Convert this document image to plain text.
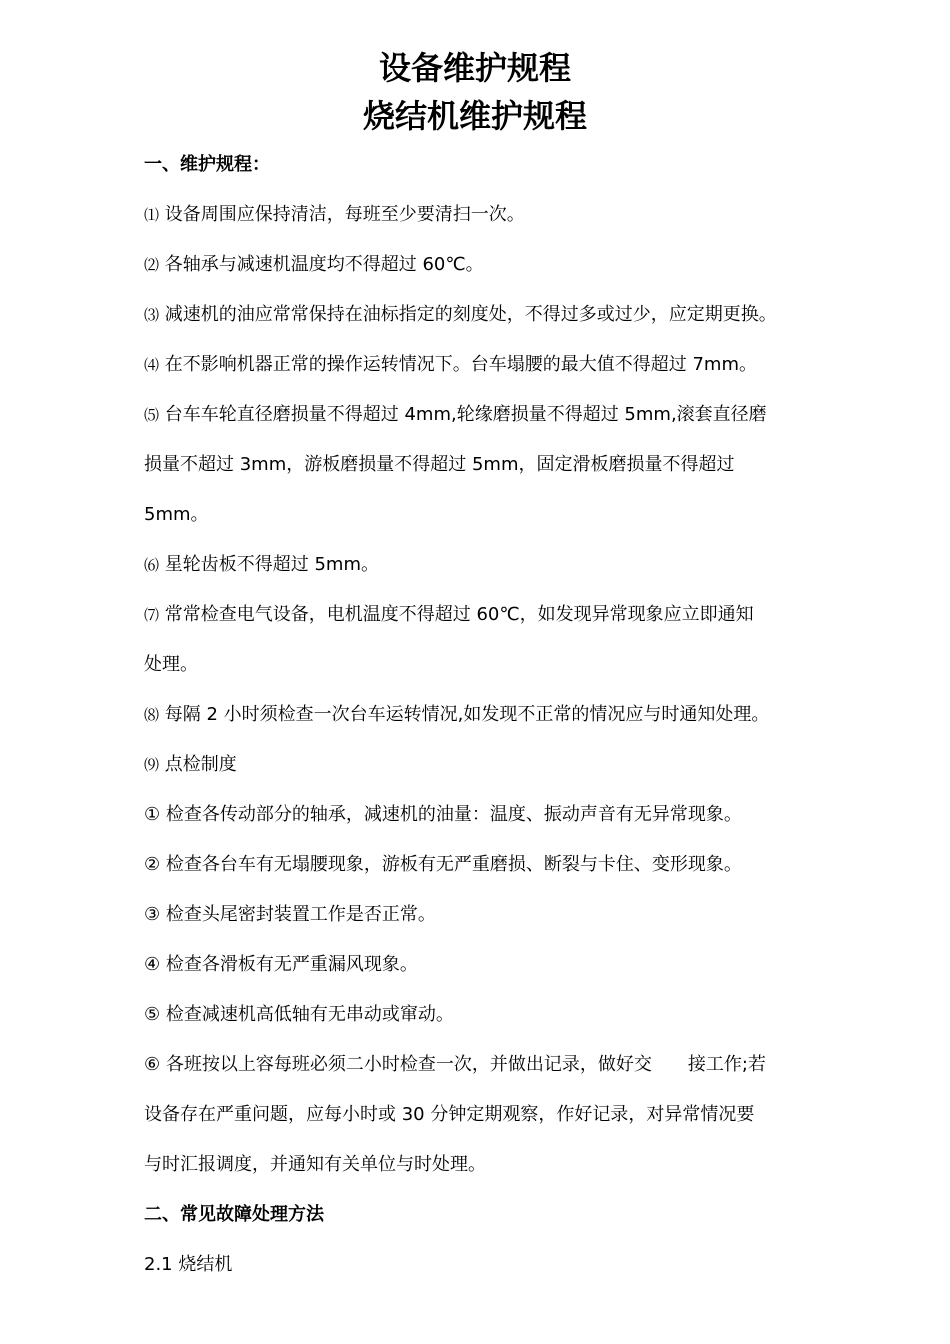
设备维护规程

烧结机维护规程

一、维护规程：

⑴ 设备周围应保持清洁，每班至少要清扫一次。

⑵ 各轴承与减速机温度均不得超过 60℃。

⑶ 减速机的油应常常保持在油标指定的刻度处，不得过多或过少，应定期更换。

⑷ 在不影响机器正常的操作运转情况下。台车塌腰的最大值不得超过 7mm。

⑸ 台车车轮直径磨损量不得超过 4mm,轮缘磨损量不得超过 5mm,滚套直径磨

损量不超过 3mm，游板磨损量不得超过 5mm，固定滑板磨损量不得超过

5mm。

⑹ 星轮齿板不得超过 5mm。

⑺ 常常检查电气设备，电机温度不得超过 60℃，如发现异常现象应立即通知

处理。

⑻ 每隔 2 小时须检查一次台车运转情况,如发现不正常的情况应与时通知处理。

⑼ 点检制度

① 检查各传动部分的轴承，减速机的油量：温度、振动声音有无异常现象。

② 检查各台车有无塌腰现象，游板有无严重磨损、断裂与卡住、变形现象。

③ 检查头尾密封装置工作是否正常。

④ 检查各滑板有无严重漏风现象。

⑤ 检查减速机高低轴有无串动或窜动。

⑥ 各班按以上容每班必须二小时检查一次，并做出记录，做好交 接工作;若

设备存在严重问题，应每小时或 30 分钟定期观察，作好记录，对异常情况要

与时汇报调度，并通知有关单位与时处理。

二、常见故障处理方法

2.1 烧结机
